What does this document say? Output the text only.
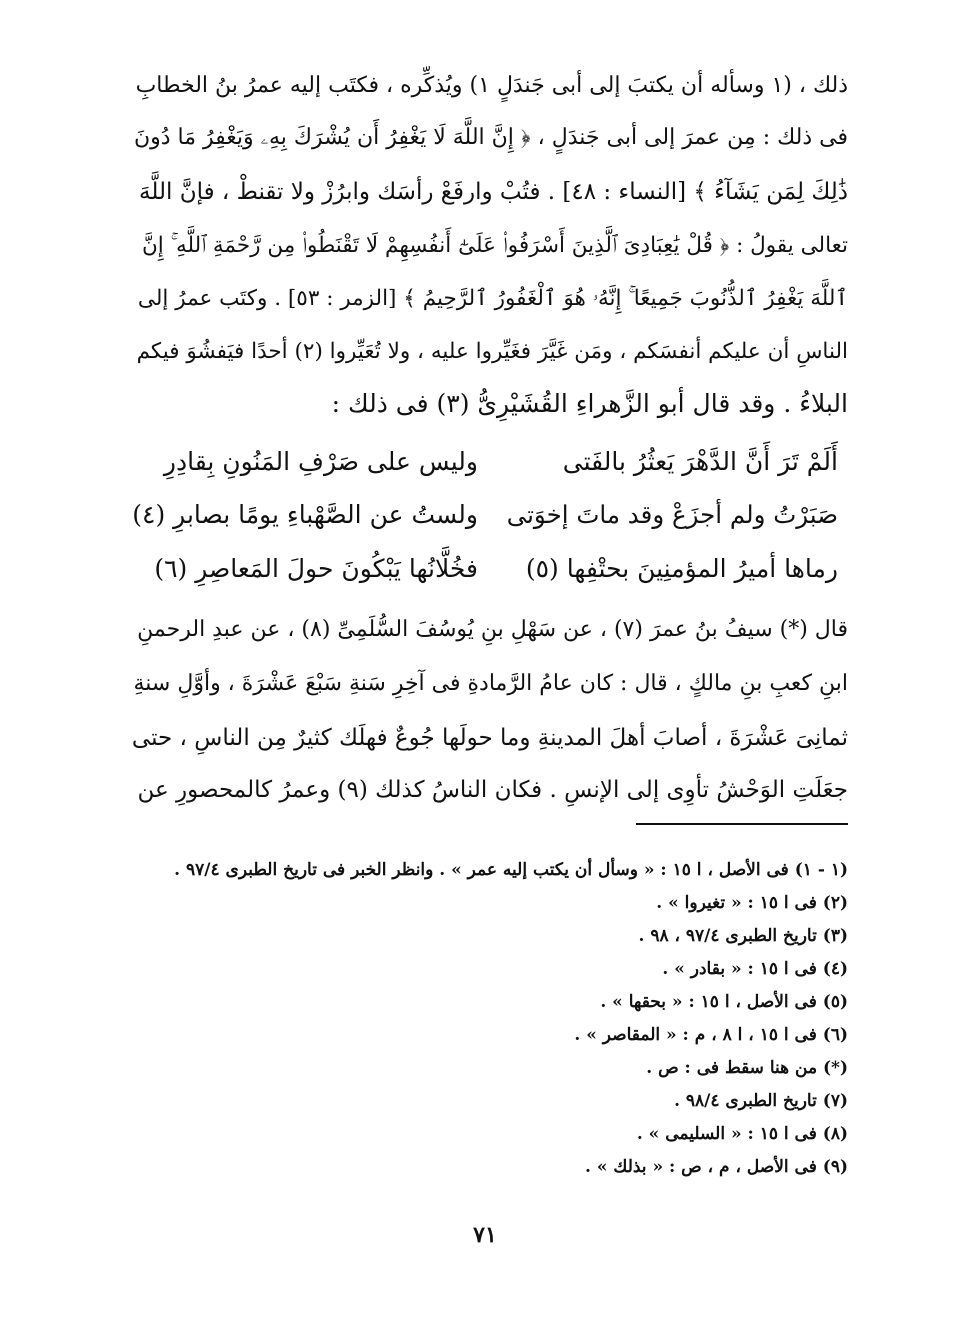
ذلك ، (١ وسأله أن يكتبَ إلى أبى جَندَلٍ ١) ويُذكِّره ، فكتَب إليه عمرُ بنُ الخطابِ
فى ذلك : مِن عمرَ إلى أبى جَندَلٍ ، ﴿ إِنَّ اللَّهَ لَا يَغْفِرُ أَن يُشْرَكَ بِهِۦ وَيَغْفِرُ مَا دُونَ
ذَٰلِكَ لِمَن يَشَآءُ ﴾ [النساء : ٤٨] . فتُبْ وارفَعْ رأسَك وابرُزْ ولا تقنطْ ، فإنَّ اللَّهَ
تعالى يقولُ : ﴿ قُلْ يَٰعِبَادِىَ ٱلَّذِينَ أَسْرَفُوا۟ عَلَىٰٓ أَنفُسِهِمْ لَا تَقْنَطُوا۟ مِن رَّحْمَةِ ٱللَّهِ ۚ إِنَّ
ٱللَّهَ يَغْفِرُ ٱلذُّنُوبَ جَمِيعًا ۚ إِنَّهُۥ هُوَ ٱلْغَفُورُ ٱلرَّحِيمُ ﴾ [الزمر : ٥٣] . وكتَب عمرُ إلى
الناسِ أن عليكم أنفسَكم ، ومَن غَيَّرَ فغَيِّروا عليه ، ولا تُعَيِّروا (٢) أحدًا فيَفشُوَ فيكم
البلاءُ . وقد قال أبو الزَّهراءِ القُشَيْرِىُّ (٣) فى ذلك :
أَلَمْ تَرَ أَنَّ الدَّهْرَ يَعثُرُ بالفَتى
وليس على صَرْفِ المَنُونِ بِقادِرِ
صَبَرْتُ ولم أجزَعْ وقد ماتَ إخوَتى
ولستُ عن الصَّهْباءِ يومًا بصابرِ (٤)
رماها أميرُ المؤمنِينَ بحتْفِها (٥)
فخُلَّانُها يَبْكُونَ حولَ المَعاصِرِ (٦)
قال (*) سيفُ بنُ عمرَ (٧) ، عن سَهْلِ بنِ يُوسُفَ السُّلَمِىِّ (٨) ، عن عبدِ الرحمنِ
ابنِ كعبِ بنِ مالكٍ ، قال : كان عامُ الرَّمادةِ فى آخِرِ سَنةِ سَبْعَ عَشْرَةَ ، وأوَّلِ سنةِ
ثمانِىَ عَشْرَةَ ، أصابَ أهلَ المدينةِ وما حولَها جُوعٌ فهلَك كثيرٌ مِن الناسِ ، حتى
جعَلَتِ الوَحْشُ تأوِى إلى الإنسِ . فكان الناسُ كذلك (٩) وعمرُ كالمحصورِ عن
(١ - ١) فى الأصل ، ا ١٥ : « وسأل أن يكتب إليه عمر » . وانظر الخبر فى تاريخ الطبرى ٩٧/٤ .
(٢) فى ا ١٥ : « تغيروا » .
(٣) تاريخ الطبرى ٩٧/٤ ، ٩٨ .
(٤) فى ا ١٥ : « بقادر » .
(٥) فى الأصل ، ا ١٥ : « بحقها » .
(٦) فى ا ١٥ ، ا ٨ ، م : « المقاصر » .
(*) من هنا سقط فى : ص .
(٧) تاريخ الطبرى ٩٨/٤ .
(٨) فى ا ١٥ : « السليمى » .
(٩) فى الأصل ، م ، ص : « بذلك » .
٧١
